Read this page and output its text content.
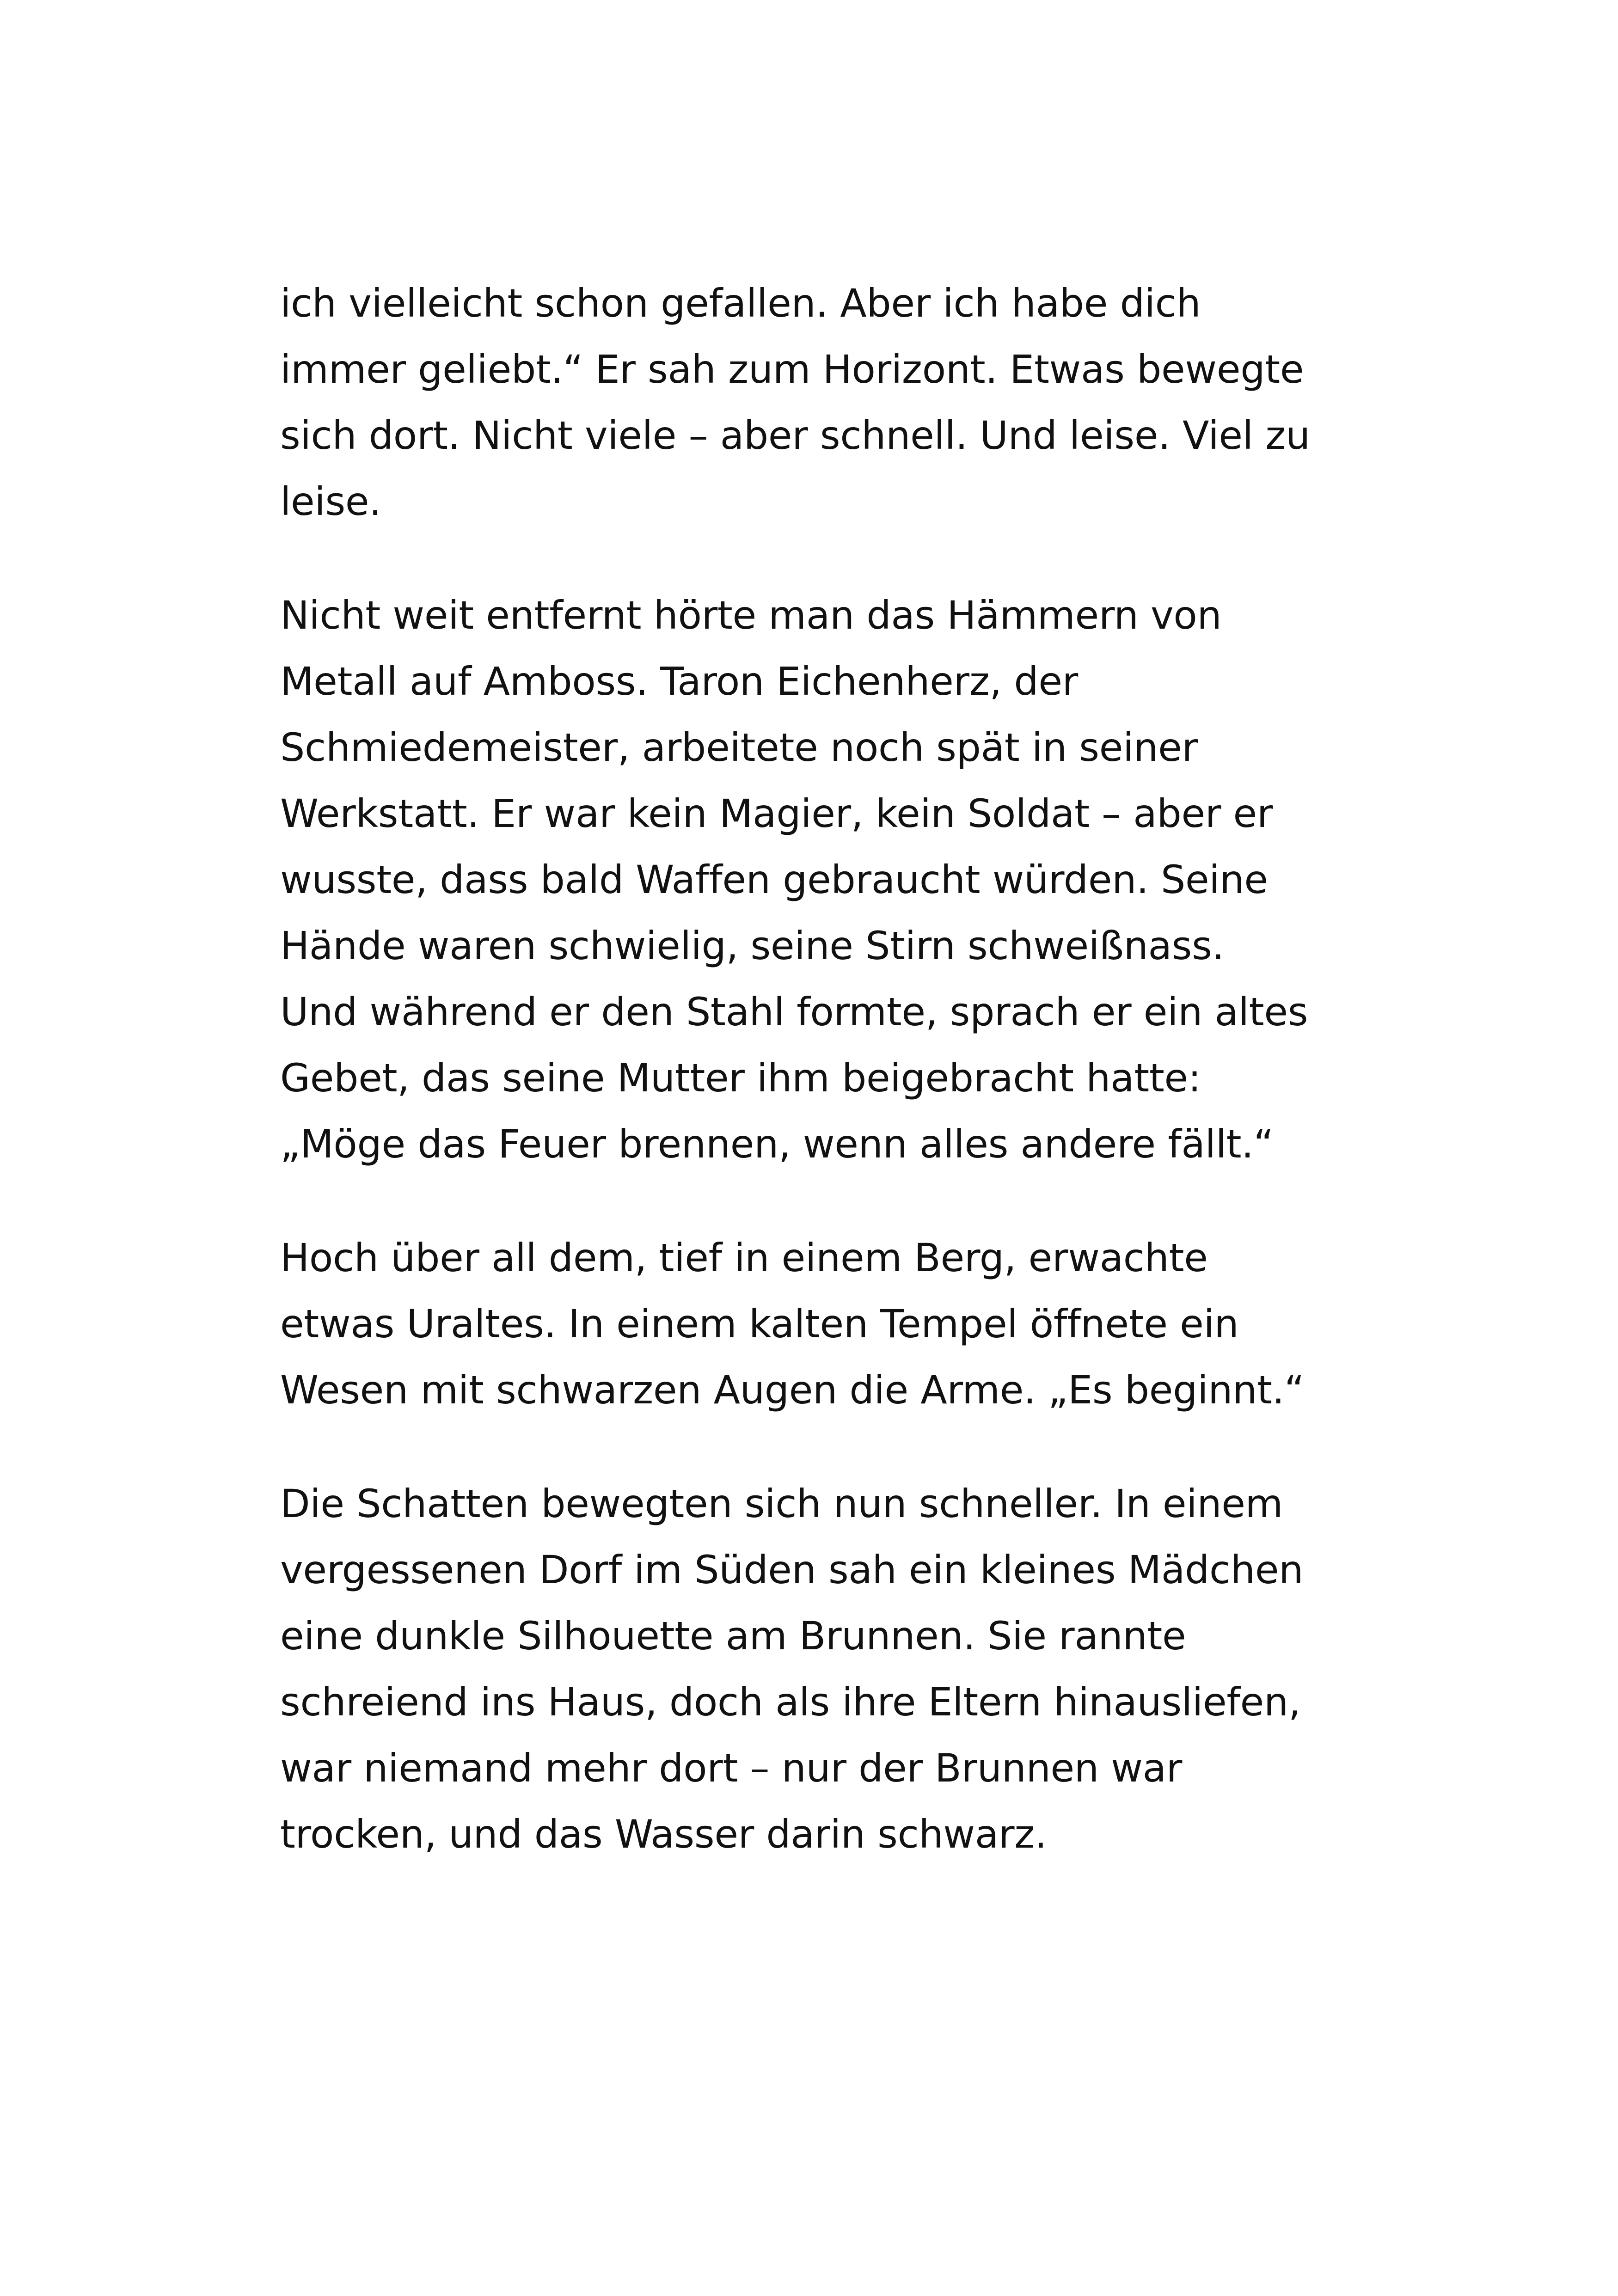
ich vielleicht schon gefallen. Aber ich habe dich
immer geliebt.“ Er sah zum Horizont. Etwas bewegte
sich dort. Nicht viele – aber schnell. Und leise. Viel zu
leise.

Nicht weit entfernt hörte man das Hämmern von
Metall auf Amboss. Taron Eichenherz, der
Schmiedemeister, arbeitete noch spät in seiner
Werkstatt. Er war kein Magier, kein Soldat – aber er
wusste, dass bald Waffen gebraucht würden. Seine
Hände waren schwielig, seine Stirn schweißnass.
Und während er den Stahl formte, sprach er ein altes
Gebet, das seine Mutter ihm beigebracht hatte:
„Möge das Feuer brennen, wenn alles andere fällt.“

Hoch über all dem, tief in einem Berg, erwachte
etwas Uraltes. In einem kalten Tempel öffnete ein
Wesen mit schwarzen Augen die Arme. „Es beginnt.“

Die Schatten bewegten sich nun schneller. In einem
vergessenen Dorf im Süden sah ein kleines Mädchen
eine dunkle Silhouette am Brunnen. Sie rannte
schreiend ins Haus, doch als ihre Eltern hinausliefen,
war niemand mehr dort – nur der Brunnen war
trocken, und das Wasser darin schwarz.
